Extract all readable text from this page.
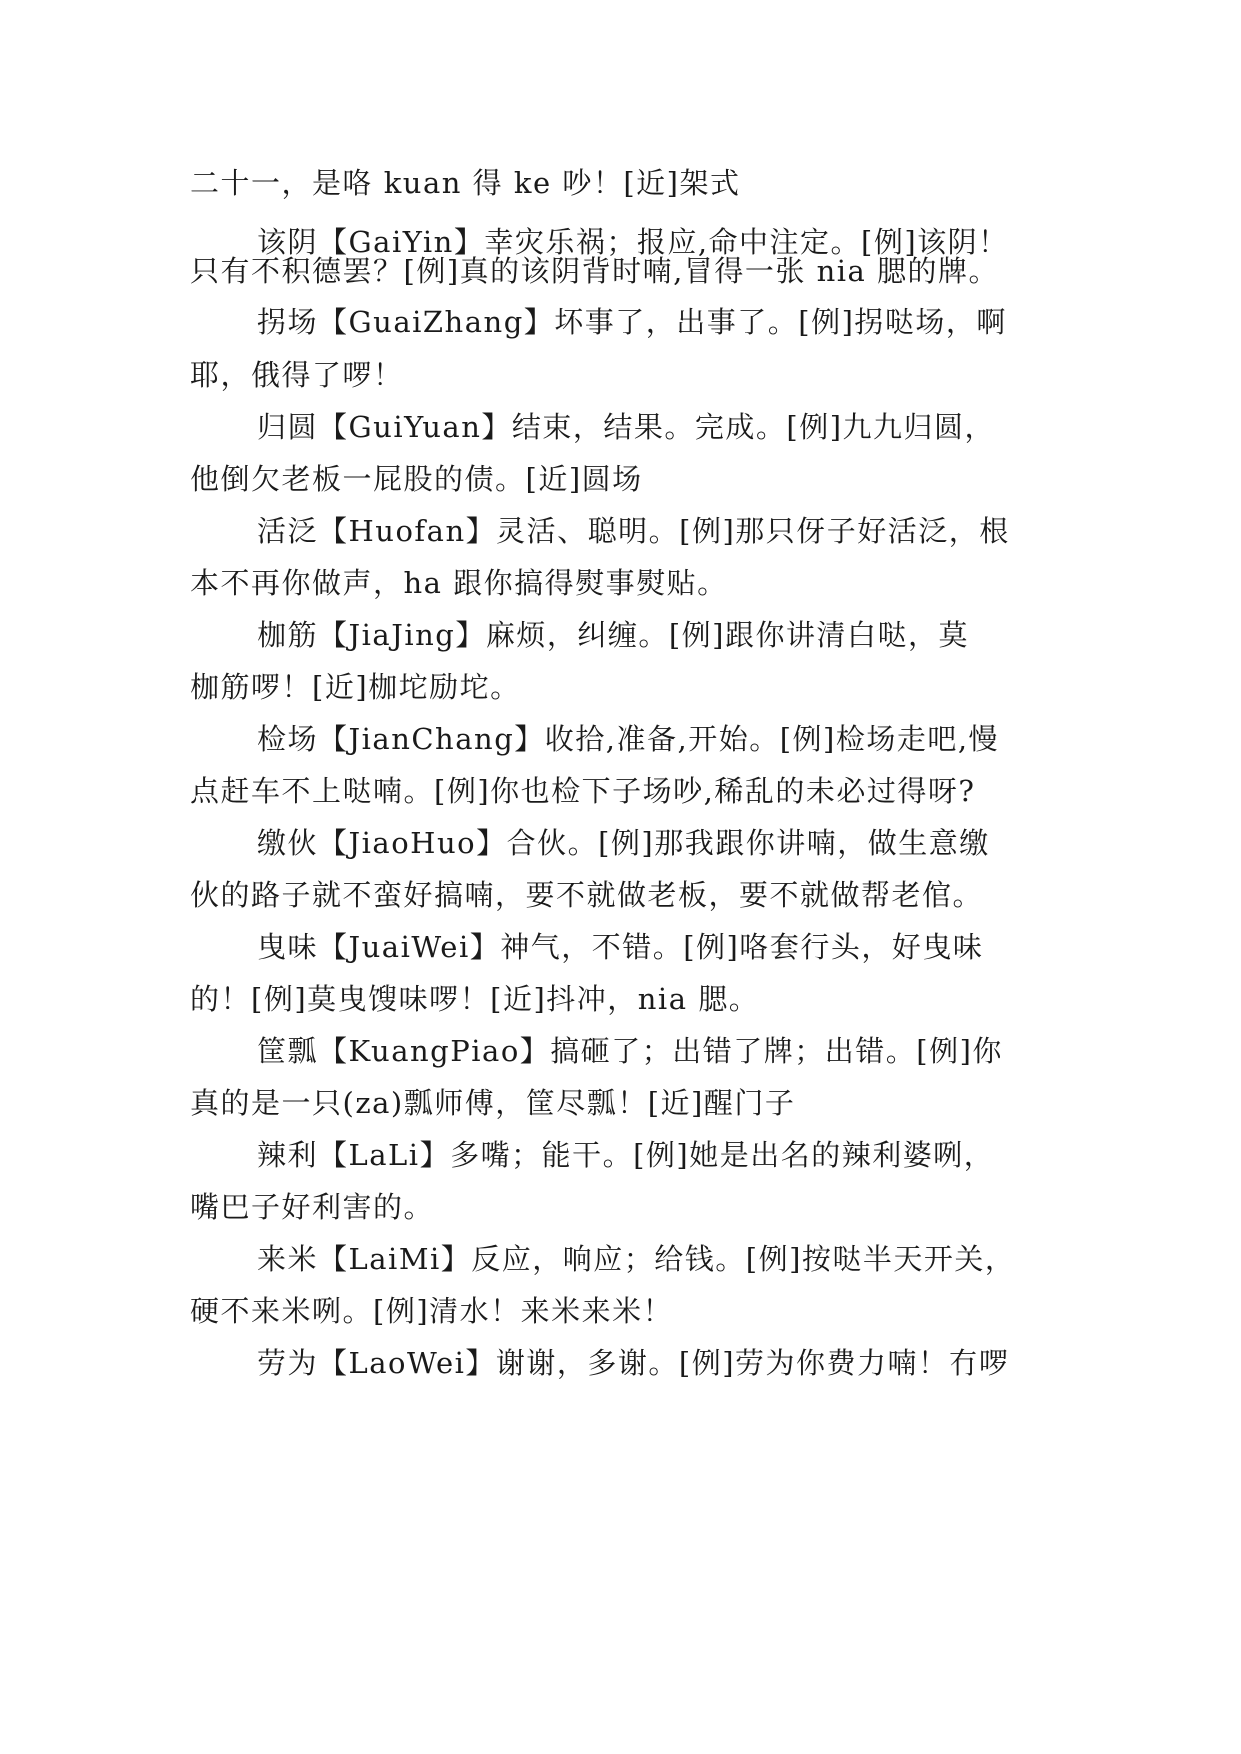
二十一，是咯 kuan 得 ke 吵！[近]架式
该阴【GaiYin】幸灾乐祸；报应,命中注定。[例]该阴！
只有不积德罢？[例]真的该阴背时喃,冒得一张 nia 腮的牌。
拐场【GuaiZhang】坏事了，出事了。[例]拐哒场，啊
耶，俄得了啰！
归圆【GuiYuan】结束，结果。完成。[例]九九归圆，
他倒欠老板一屁股的债。[近]圆场
活泛【Huofan】灵活、聪明。[例]那只伢子好活泛，根
本不再你做声，ha 跟你搞得熨事熨贴。
枷筋【JiaJing】麻烦，纠缠。[例]跟你讲清白哒，莫
枷筋啰！[近]枷坨励坨。
检场【JianChang】收拾,准备,开始。[例]检场走吧,慢
点赶车不上哒喃。[例]你也检下子场吵,稀乱的未必过得呀?
缴伙【JiaoHuo】合伙。[例]那我跟你讲喃，做生意缴
伙的路子就不蛮好搞喃，要不就做老板，要不就做帮老倌。
曳味【JuaiWei】神气，不错。[例]咯套行头，好曳味
的！[例]莫曳馊味啰！[近]抖冲，nia 腮。
筐瓢【KuangPiao】搞砸了；出错了牌；出错。[例]你
真的是一只(za)瓢师傅，筐尽瓢！[近]醒门子
辣利【LaLi】多嘴；能干。[例]她是出名的辣利婆咧，
嘴巴子好利害的。
来米【LaiMi】反应，响应；给钱。[例]按哒半天开关，
硬不来米咧。[例]清水！来米来米！
劳为【LaoWei】谢谢，多谢。[例]劳为你费力喃！冇啰
